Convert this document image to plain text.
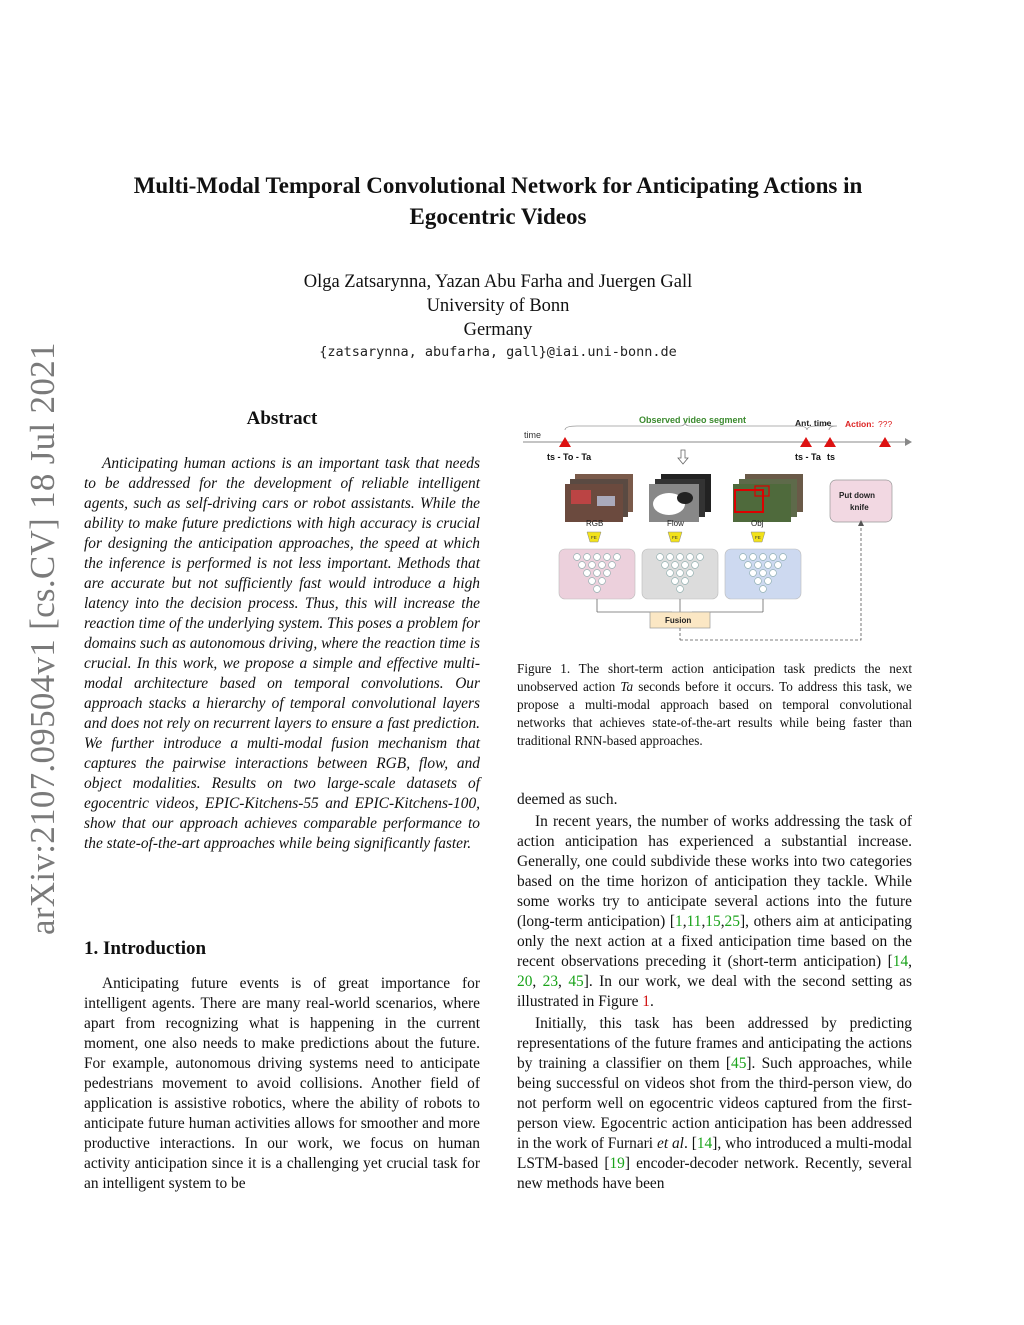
Multi-Modal Temporal Convolutional Network for Anticipating Actions in Egocentric Videos
Olga Zatsarynna, Yazan Abu Farha and Juergen Gall
University of Bonn
Germany
{zatsarynna, abufarha, gall}@iai.uni-bonn.de
arXiv:2107.09504v1 [cs.CV] 18 Jul 2021	Abstract
Anticipating human actions is an important task that needs to be addressed for the development of reliable intelligent agents, such as self-driving cars or robot assistants. While the ability to make future predictions with high accuracy is crucial for designing the anticipation approaches, the speed at which the inference is performed is not less important. Methods that are accurate but not sufficiently fast would introduce a high latency into the decision process. Thus, this will increase the reaction time of the underlying system. This poses a problem for domains such as autonomous driving, where the reaction time is crucial. In this work, we propose a simple and effective multi-modal architecture based on temporal convolutions. Our approach stacks a hierarchy of temporal convolutional layers and does not rely on recurrent layers to ensure a fast prediction. We further introduce a multi-modal fusion mechanism that captures the pairwise interactions between RGB, flow, and object modalities. Results on two large-scale datasets of egocentric videos, EPIC-Kitchens-55 and EPIC-Kitchens-100, show that our approach achieves comparable performance to the state-of-the-art approaches while being significantly faster.
1. Introduction
Anticipating future events is of great importance for intelligent agents. There are many real-world scenarios, where apart from recognizing what is happening in the current moment, one also needs to make predictions about the future. For example, autonomous driving systems need to anticipate pedestrians movement to avoid collisions. Another field of application is assistive robotics, where the ability of robots to anticipate future human activities allows for smoother and more productive interactions. In our work, we focus on human activity anticipation since it is a challenging yet crucial task for an intelligent system to be
time
Observed video segment	Ant. time Action: ???
ts - To - Ta	ts - Ta ts
RGB	Flow	Obj
FE	FE	FE
Fusion
Put down
knife
Figure 1. The short-term action anticipation task predicts the next unobserved action Ta seconds before it occurs. To address this task, we propose a multi-modal approach based on temporal convolutional networks that achieves state-of-the-art results while being faster than traditional RNN-based approaches.

deemed as such.

In recent years, the number of works addressing the task of action anticipation has experienced a substantial increase. Generally, one could subdivide these works into two categories based on the time horizon of anticipation they tackle. While some works try to anticipate several actions into the future (long-term anticipation) [1,11,15,25], others aim at anticipating only the next action at a fixed anticipation time based on the recent observations preceding it (short-term anticipation) [14, 20, 23, 45]. In our work, we deal with the second setting as illustrated in Figure 1.

Initially, this task has been addressed by predicting representations of the future frames and anticipating the actions by training a classifier on them [45]. Such approaches, while being successful on videos shot from the third-person view, do not perform well on egocentric videos captured from the first-person view. Egocentric action anticipation has been addressed in the work of Furnari et al. [14], who introduced a multi-modal LSTM-based [19] encoder-decoder network. Recently, several new methods have been
